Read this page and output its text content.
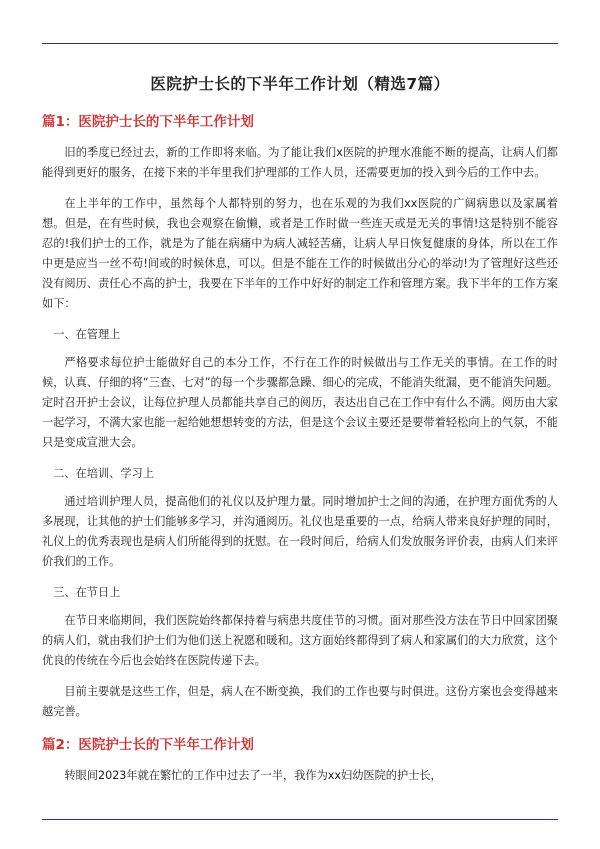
医院护士长的下半年工作计划（精选7篇）
篇1：医院护士长的下半年工作计划

旧的季度已经过去，新的工作即将来临。为了能让我们x医院的护理水准能不断的提高，让病人们都能得到更好的服务，在接下来的半年里我们护理部的工作人员，还需要更加的投入到今后的工作中去。

在上半年的工作中，虽然每个人都特别的努力，也在乐观的为我们xx医院的广阔病患以及家属着想。但是，在有些时候，我也会观察在偷懒，或者是工作时做一些连天或是无关的事情!这是特别不能容忍的!我们护士的工作，就是为了能在病痛中为病人减轻苦痛，让病人早日恢复健康的身体，所以在工作中更是应当一丝不苟!间或的时候休息，可以。但是不能在工作的时候做出分心的举动!为了管理好这些还没有阅历、责任心不高的护士，我要在下半年的工作中好好的制定工作和管理方案。我下半年的工作方案如下：

一、在管理上

严格要求每位护士能做好自己的本分工作，不行在工作的时候做出与工作无关的事情。在工作的时候，认真、仔细的将“三查、七对”的每一个步骤都急躁、细心的完成，不能消失纰漏，更不能消失问题。定时召开护士会议，让每位护理人员都能共享自己的阅历，表达出自己在工作中有什么不满。阅历由大家一起学习，不满大家也能一起给她想想转变的方法，但是这个会议主要还是要带着轻松向上的气氛，不能只是变成宣泄大会。

二、在培训、学习上

通过培训护理人员，提高他们的礼仪以及护理力量。同时增加护士之间的沟通，在护理方面优秀的人多展现，让其他的护士们能够多学习，并沟通阅历。礼仪也是重要的一点，给病人带来良好护理的同时，礼仪上的优秀表现也是病人们所能得到的抚慰。在一段时间后，给病人们发放服务评价表，由病人们来评价我们的工作。

三、在节日上

在节日来临期间，我们医院始终都保持着与病患共度佳节的习惯。面对那些没方法在节日中回家团聚的病人们，就由我们护士们为他们送上祝愿和暖和。这方面始终都得到了病人和家属们的大力欣赏，这个优良的传统在今后也会始终在医院传递下去。

目前主要就是这些工作，但是，病人在不断变换，我们的工作也要与时俱进。这份方案也会变得越来越完善。

篇2：医院护士长的下半年工作计划

转眼间2023年就在繁忙的工作中过去了一半，我作为xx妇幼医院的护士长，
